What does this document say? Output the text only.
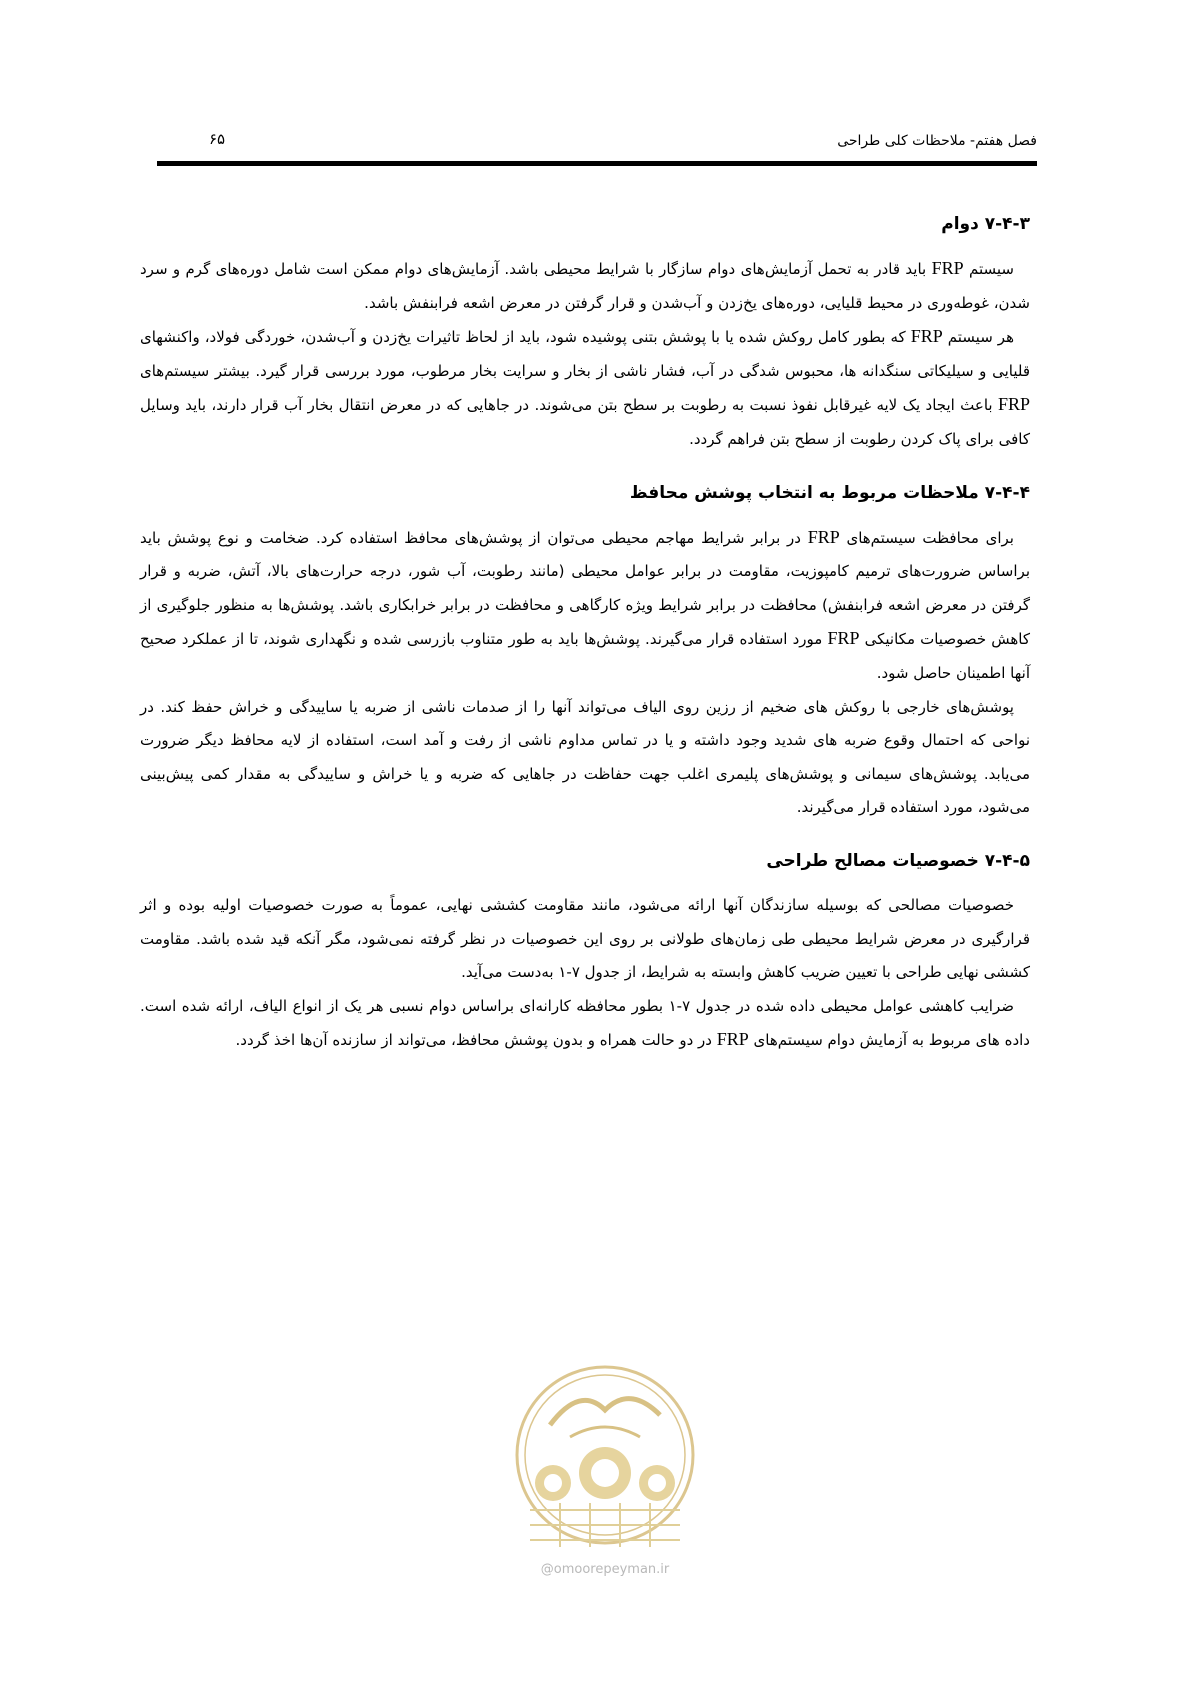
فصل هفتم- ملاحظات کلی طراحی
۶۵
۷-۴-۳ دوام

سیستم FRP باید قادر به تحمل آزمایش‌های دوام سازگار با شرایط محیطی باشد. آزمایش‌های دوام ممکن است شامل دوره‌های گرم و سرد شدن، غوطه‌وری در محیط قلیایی، دوره‌های یخ‌زدن و آب‌شدن و قرار گرفتن در معرض اشعه فرابنفش باشد.

هر سیستم FRP که بطور کامل روکش شده یا با پوشش بتنی پوشیده شود، باید از لحاظ تاثیرات یخ‌زدن و آب‌شدن، خوردگی فولاد، واکنشهای قلیایی و سیلیکاتی سنگدانه ها، محبوس شدگی در آب، فشار ناشی از بخار و سرایت بخار مرطوب، مورد بررسی قرار گیرد. بیشتر سیستم‌های FRP باعث ایجاد یک لایه غیرقابل نفوذ نسبت به رطوبت بر سطح بتن می‌شوند. در جاهایی که در معرض انتقال بخار آب قرار دارند، باید وسایل کافی برای پاک کردن رطوبت از سطح بتن فراهم گردد.

۷-۴-۴ ملاحظات مربوط به انتخاب پوشش محافظ

برای محافظت سیستم‌های FRP در برابر شرایط مهاجم محیطی می‌توان از پوشش‌های محافظ استفاده کرد. ضخامت و نوع پوشش باید براساس ضرورت‌های ترمیم کامپوزیت، مقاومت در برابر عوامل محیطی (مانند رطوبت، آب شور، درجه حرارت‌های بالا، آتش، ضربه و قرار گرفتن در معرض اشعه فرابنفش) محافظت در برابر شرایط ویژه کارگاهی و محافظت در برابر خرابکاری باشد. پوشش‌ها به منظور جلوگیری از کاهش خصوصیات مکانیکی FRP مورد استفاده قرار می‌گیرند. پوشش‌ها باید به طور متناوب بازرسی شده و نگهداری شوند، تا از عملکرد صحیح آنها اطمینان حاصل شود.

پوشش‌های خارجی با روکش های ضخیم از رزین روی الیاف می‌تواند آنها را از صدمات ناشی از ضربه یا ساییدگی و خراش حفظ کند. در نواحی که احتمال وقوع ضربه های شدید وجود داشته و یا در تماس مداوم ناشی از رفت و آمد است، استفاده از لایه محافظ دیگر ضرورت می‌یابد. پوشش‌های سیمانی و پوشش‌های پلیمری اغلب جهت حفاظت در جاهایی که ضربه و یا خراش و ساییدگی به مقدار کمی پیش‌بینی می‌شود، مورد استفاده قرار می‌گیرند.

۷-۴-۵ خصوصیات مصالح طراحی

خصوصیات مصالحی که بوسیله سازندگان آنها ارائه می‌شود، مانند مقاومت کششی نهایی، عموماً به صورت خصوصیات اولیه بوده و اثر قرارگیری در معرض شرایط محیطی طی زمان‌های طولانی بر روی این خصوصیات در نظر گرفته نمی‌شود، مگر آنکه قید شده باشد. مقاومت کششی نهایی طراحی با تعیین ضریب کاهش وابسته به شرایط، از جدول ۷-۱ به‌دست می‌آید.

ضرایب کاهشی عوامل محیطی داده شده در جدول ۷-۱ بطور محافظه کارانه‌ای براساس دوام نسبی هر یک از انواع الیاف، ارائه شده است. داده های مربوط به آزمایش دوام سیستم‌های FRP در دو حالت همراه و بدون پوشش محافظ، می‌تواند از سازنده آن‌ها اخذ گردد.

@omoorepeyman.ir
